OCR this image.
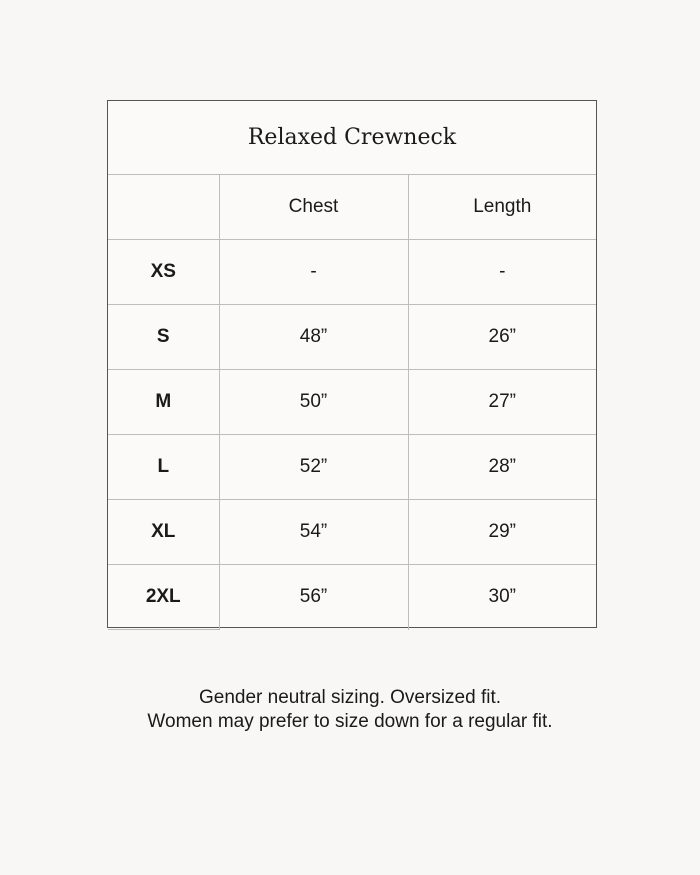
Relaxed Crewneck
	Chest	Length
XS	-	-
S	48”	26”
M	50”	27”
L	52”	28”
XL	54”	29”
2XL	56”	30”
Gender neutral sizing. Oversized fit.
Women may prefer to size down for a regular fit.
